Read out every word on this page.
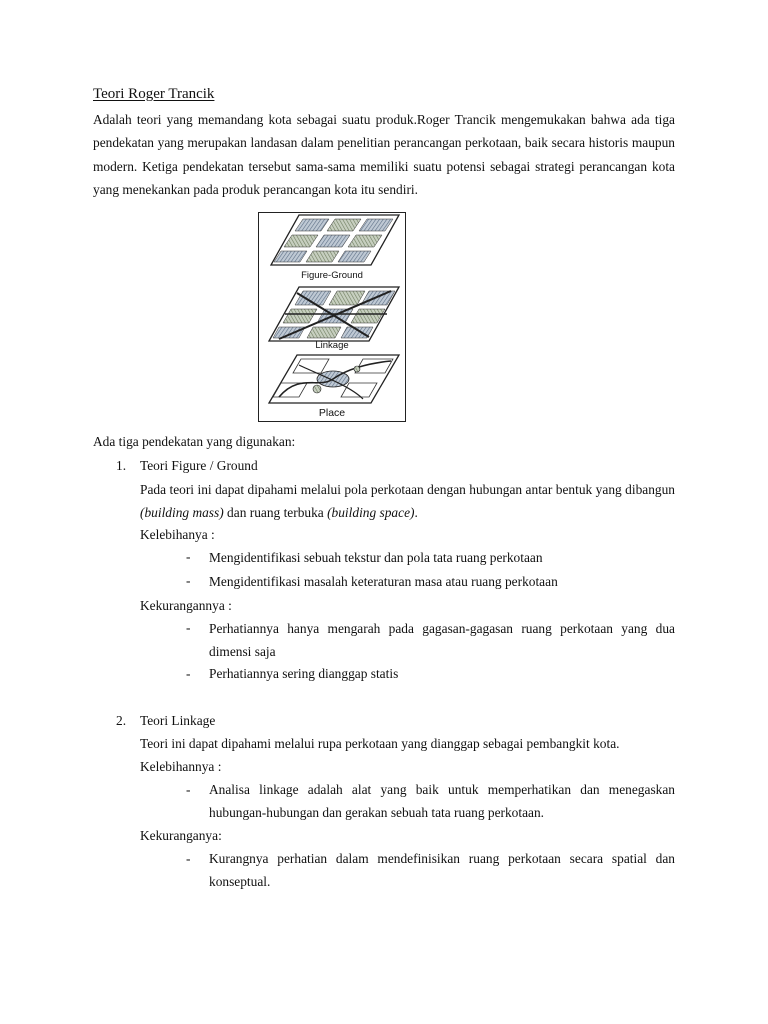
Teori Roger Trancik

Adalah teori yang memandang kota sebagai suatu produk.Roger Trancik mengemukakan bahwa ada tiga pendekatan yang merupakan landasan dalam penelitian perancangan perkotaan, baik secara historis maupun modern. Ketiga pendekatan tersebut sama-sama memiliki suatu potensi sebagai strategi perancangan kota yang menekankan pada produk perancangan kota itu sendiri.

Figure-Ground
Linkage
Place
Ada tiga pendekatan yang digunakan:
1. Teori Figure / Ground

Pada teori ini dapat dipahami melalui pola perkotaan dengan hubungan antar bentuk yang dibangun (building mass) dan ruang terbuka (building space).

Kelebihanya :
- Mengidentifikasi sebuah tekstur dan pola tata ruang perkotaan
- Mengidentifikasi masalah keteraturan masa atau ruang perkotaan
Kekurangannya :
- Perhatiannya hanya mengarah pada gagasan-gagasan ruang perkotaan yang dua dimensi saja

- Perhatiannya sering dianggap statis
2. Teori Linkage
Teori ini dapat dipahami melalui rupa perkotaan yang dianggap sebagai pembangkit kota.
Kelebihannya :
- Analisa linkage adalah alat yang baik untuk memperhatikan dan menegaskan hubungan-hubungan dan gerakan sebuah tata ruang perkotaan.

Kekuranganya:
- Kurangnya perhatian dalam mendefinisikan ruang perkotaan secara spatial dan konseptual.
